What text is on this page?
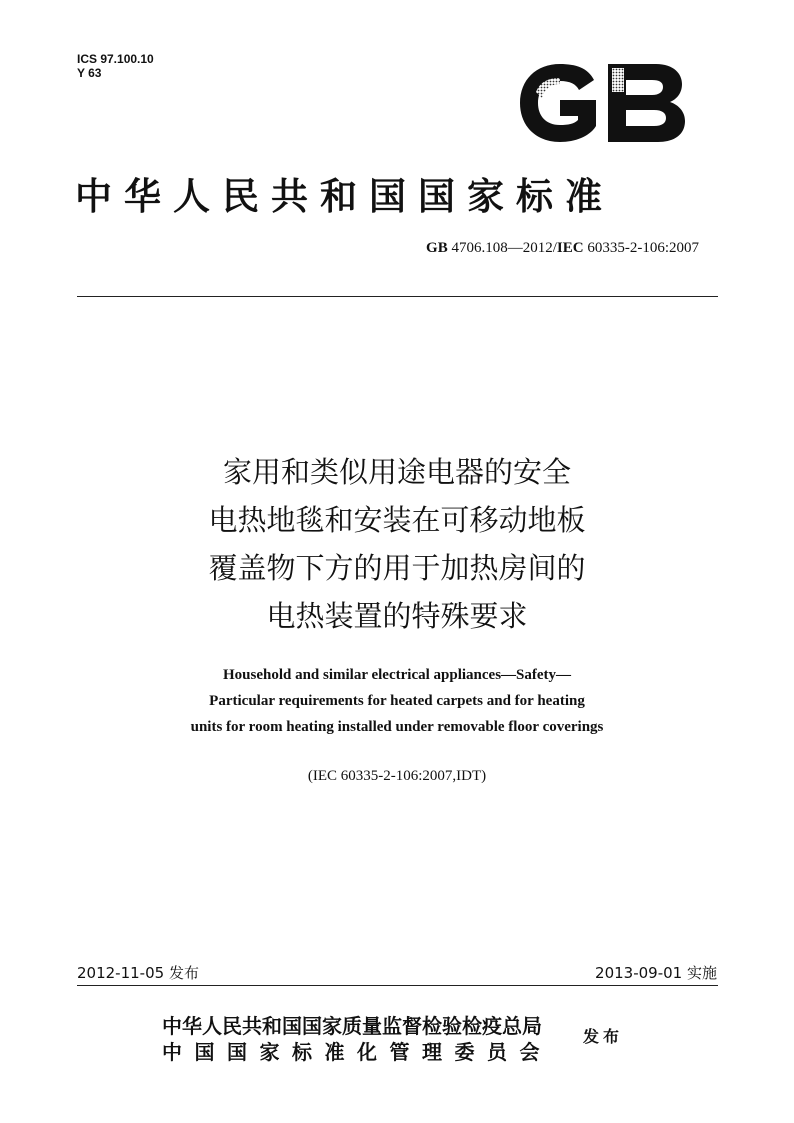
ICS 97.100.10
Y 63
GB
中华人民共和国国家标准
GB 4706.108—2012/IEC 60335-2-106:2007
家用和类似用途电器的安全
电热地毯和安装在可移动地板
覆盖物下方的用于加热房间的
电热装置的特殊要求
Household and similar electrical appliances—Safety—
Particular requirements for heated carpets and for heating
units for room heating installed under removable floor coverings
(IEC 60335-2-106:2007,IDT)
2012-11-05 发布	2013-09-01 实施
中华人民共和国国家质量监督检验检疫总局
中国国家标准化管理委员会
发布
